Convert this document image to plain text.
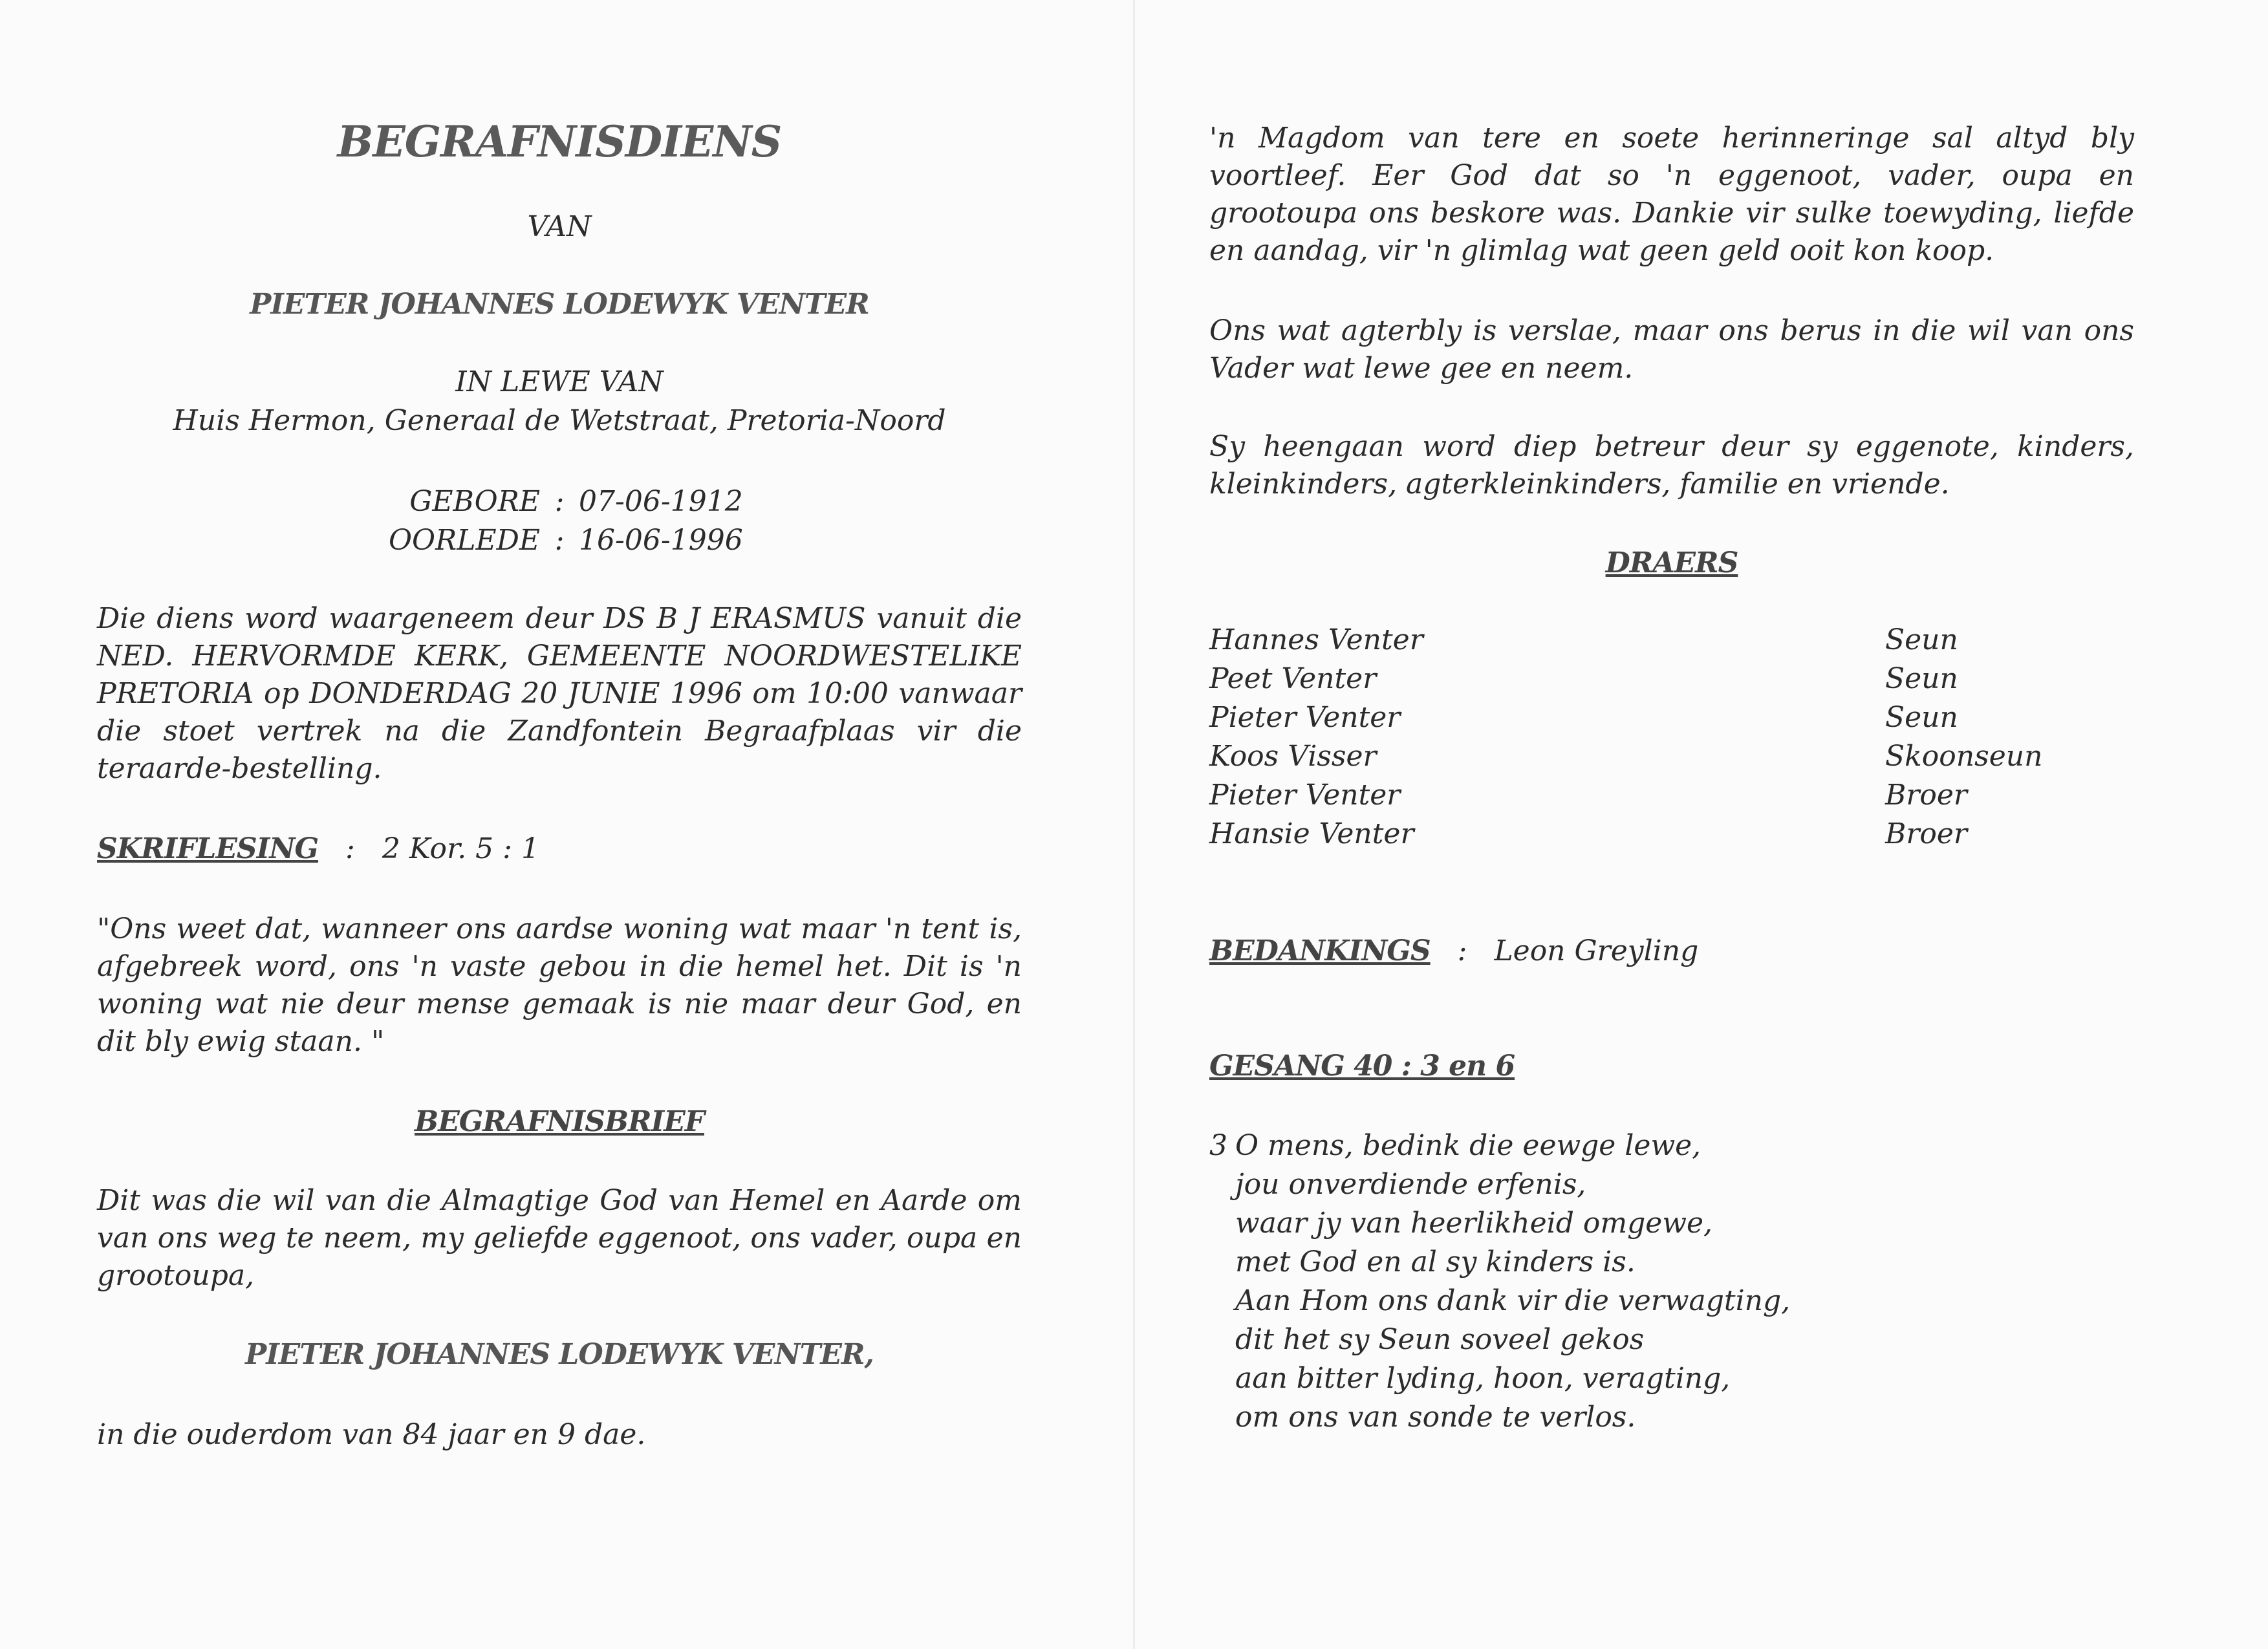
BEGRAFNISDIENS
VAN
PIETER JOHANNES LODEWYK VENTER
IN LEWE VAN
Huis Hermon, Generaal de Wetstraat, Pretoria-Noord
GEBORE : 07-06-1912
OORLEDE : 16-06-1996
Die diens word waargeneem deur DS B J ERASMUS vanuit die NED. HERVORMDE KERK, GEMEENTE NOORDWESTELIKE PRETORIA op DONDERDAG 20 JUNIE 1996 om 10:00 vanwaar die stoet vertrek na die Zandfontein Begraafplaas vir die teraarde-bestelling.
SKRIFLESING : 2 Kor. 5 : 1
"Ons weet dat, wanneer ons aardse woning wat maar 'n tent is, afgebreek word, ons 'n vaste gebou in die hemel het. Dit is 'n woning wat nie deur mense gemaak is nie maar deur God, en dit bly ewig staan. "
BEGRAFNISBRIEF
Dit was die wil van die Almagtige God van Hemel en Aarde om van ons weg te neem, my geliefde eggenoot, ons vader, oupa en grootoupa,
PIETER JOHANNES LODEWYK VENTER,
in die ouderdom van 84 jaar en 9 dae.
'n Magdom van tere en soete herinneringe sal altyd bly voortleef. Eer God dat so 'n eggenoot, vader, oupa en grootoupa ons beskore was. Dankie vir sulke toewyding, liefde en aandag, vir 'n glimlag wat geen geld ooit kon koop.
Ons wat agterbly is verslae, maar ons berus in die wil van ons Vader wat lewe gee en neem.
Sy heengaan word diep betreur deur sy eggenote, kinders, kleinkinders, agterkleinkinders, familie en vriende.
DRAERS
Hannes Venter	Seun
Peet Venter	Seun
Pieter Venter	Seun
Koos Visser	Skoonseun
Pieter Venter	Broer
Hansie Venter	Broer
BEDANKINGS : Leon Greyling
GESANG 40 : 3 en 6
3 O mens, bedink die eewge lewe,
jou onverdiende erfenis,
waar jy van heerlikheid omgewe,
met God en al sy kinders is.
Aan Hom ons dank vir die verwagting,
dit het sy Seun soveel gekos
aan bitter lyding, hoon, veragting,
om ons van sonde te verlos.
